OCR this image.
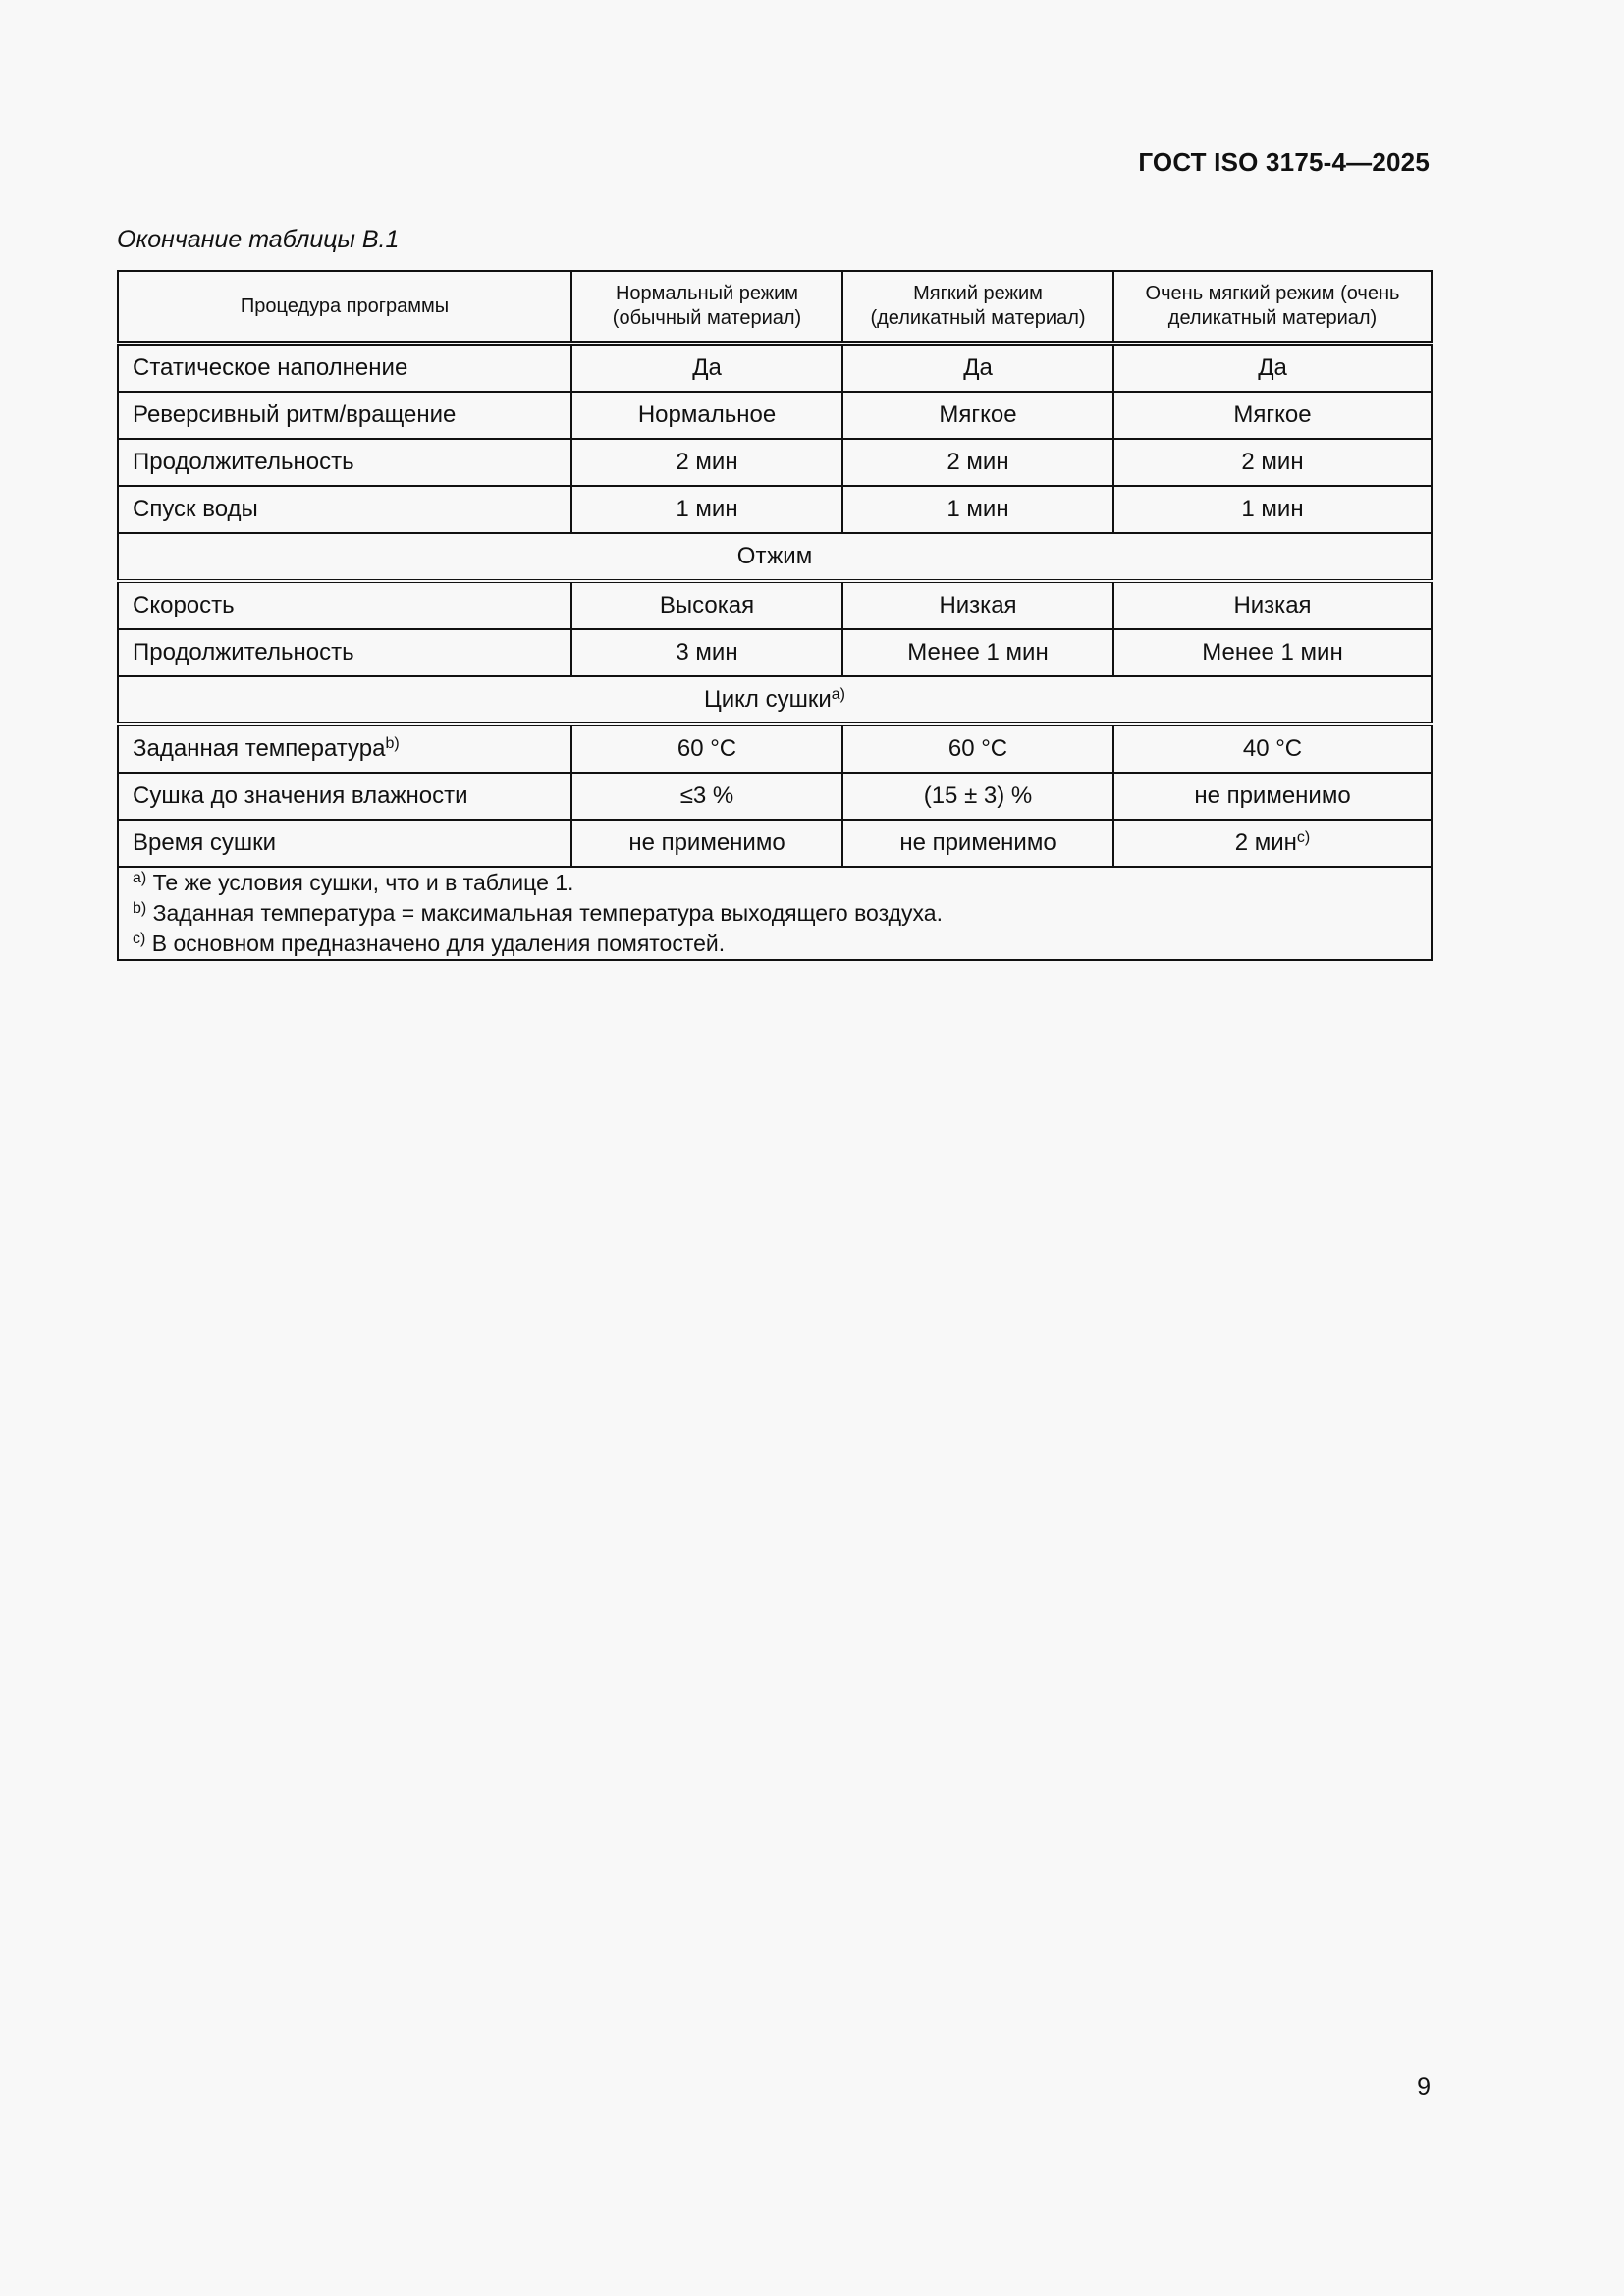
ГОСТ ISO 3175-4—2025
Окончание таблицы В.1
Процедура программы	Нормальный режим (обычный материал)	Мягкий режим (деликатный материал)	Очень мягкий режим (очень деликатный материал)
Статическое наполнение	Да	Да	Да
Реверсивный ритм/вращение	Нормальное	Мягкое	Мягкое
Продолжительность	2 мин	2 мин	2 мин
Спуск воды	1 мин	1 мин	1 мин
Отжим			
Скорость	Высокая	Низкая	Низкая
Продолжительность	3 мин	Менее 1 мин	Менее 1 мин
Цикл сушки$^{a)}$
Заданная температура$^{b)}$	60 °C	60 °C	40 °C
Сушка до значения влажности	≤3 %	(15 ± 3) %	не применимо
Время сушки	не применимо	не применимо	2 мин$^{c)}$

$^{a)}$ Те же условия сушки, что и в таблице 1.
$^{b)}$ Заданная температура = максимальная температура выходящего воздуха.
$^{c)}$ В основном предназначено для удаления помятостей.			
9
